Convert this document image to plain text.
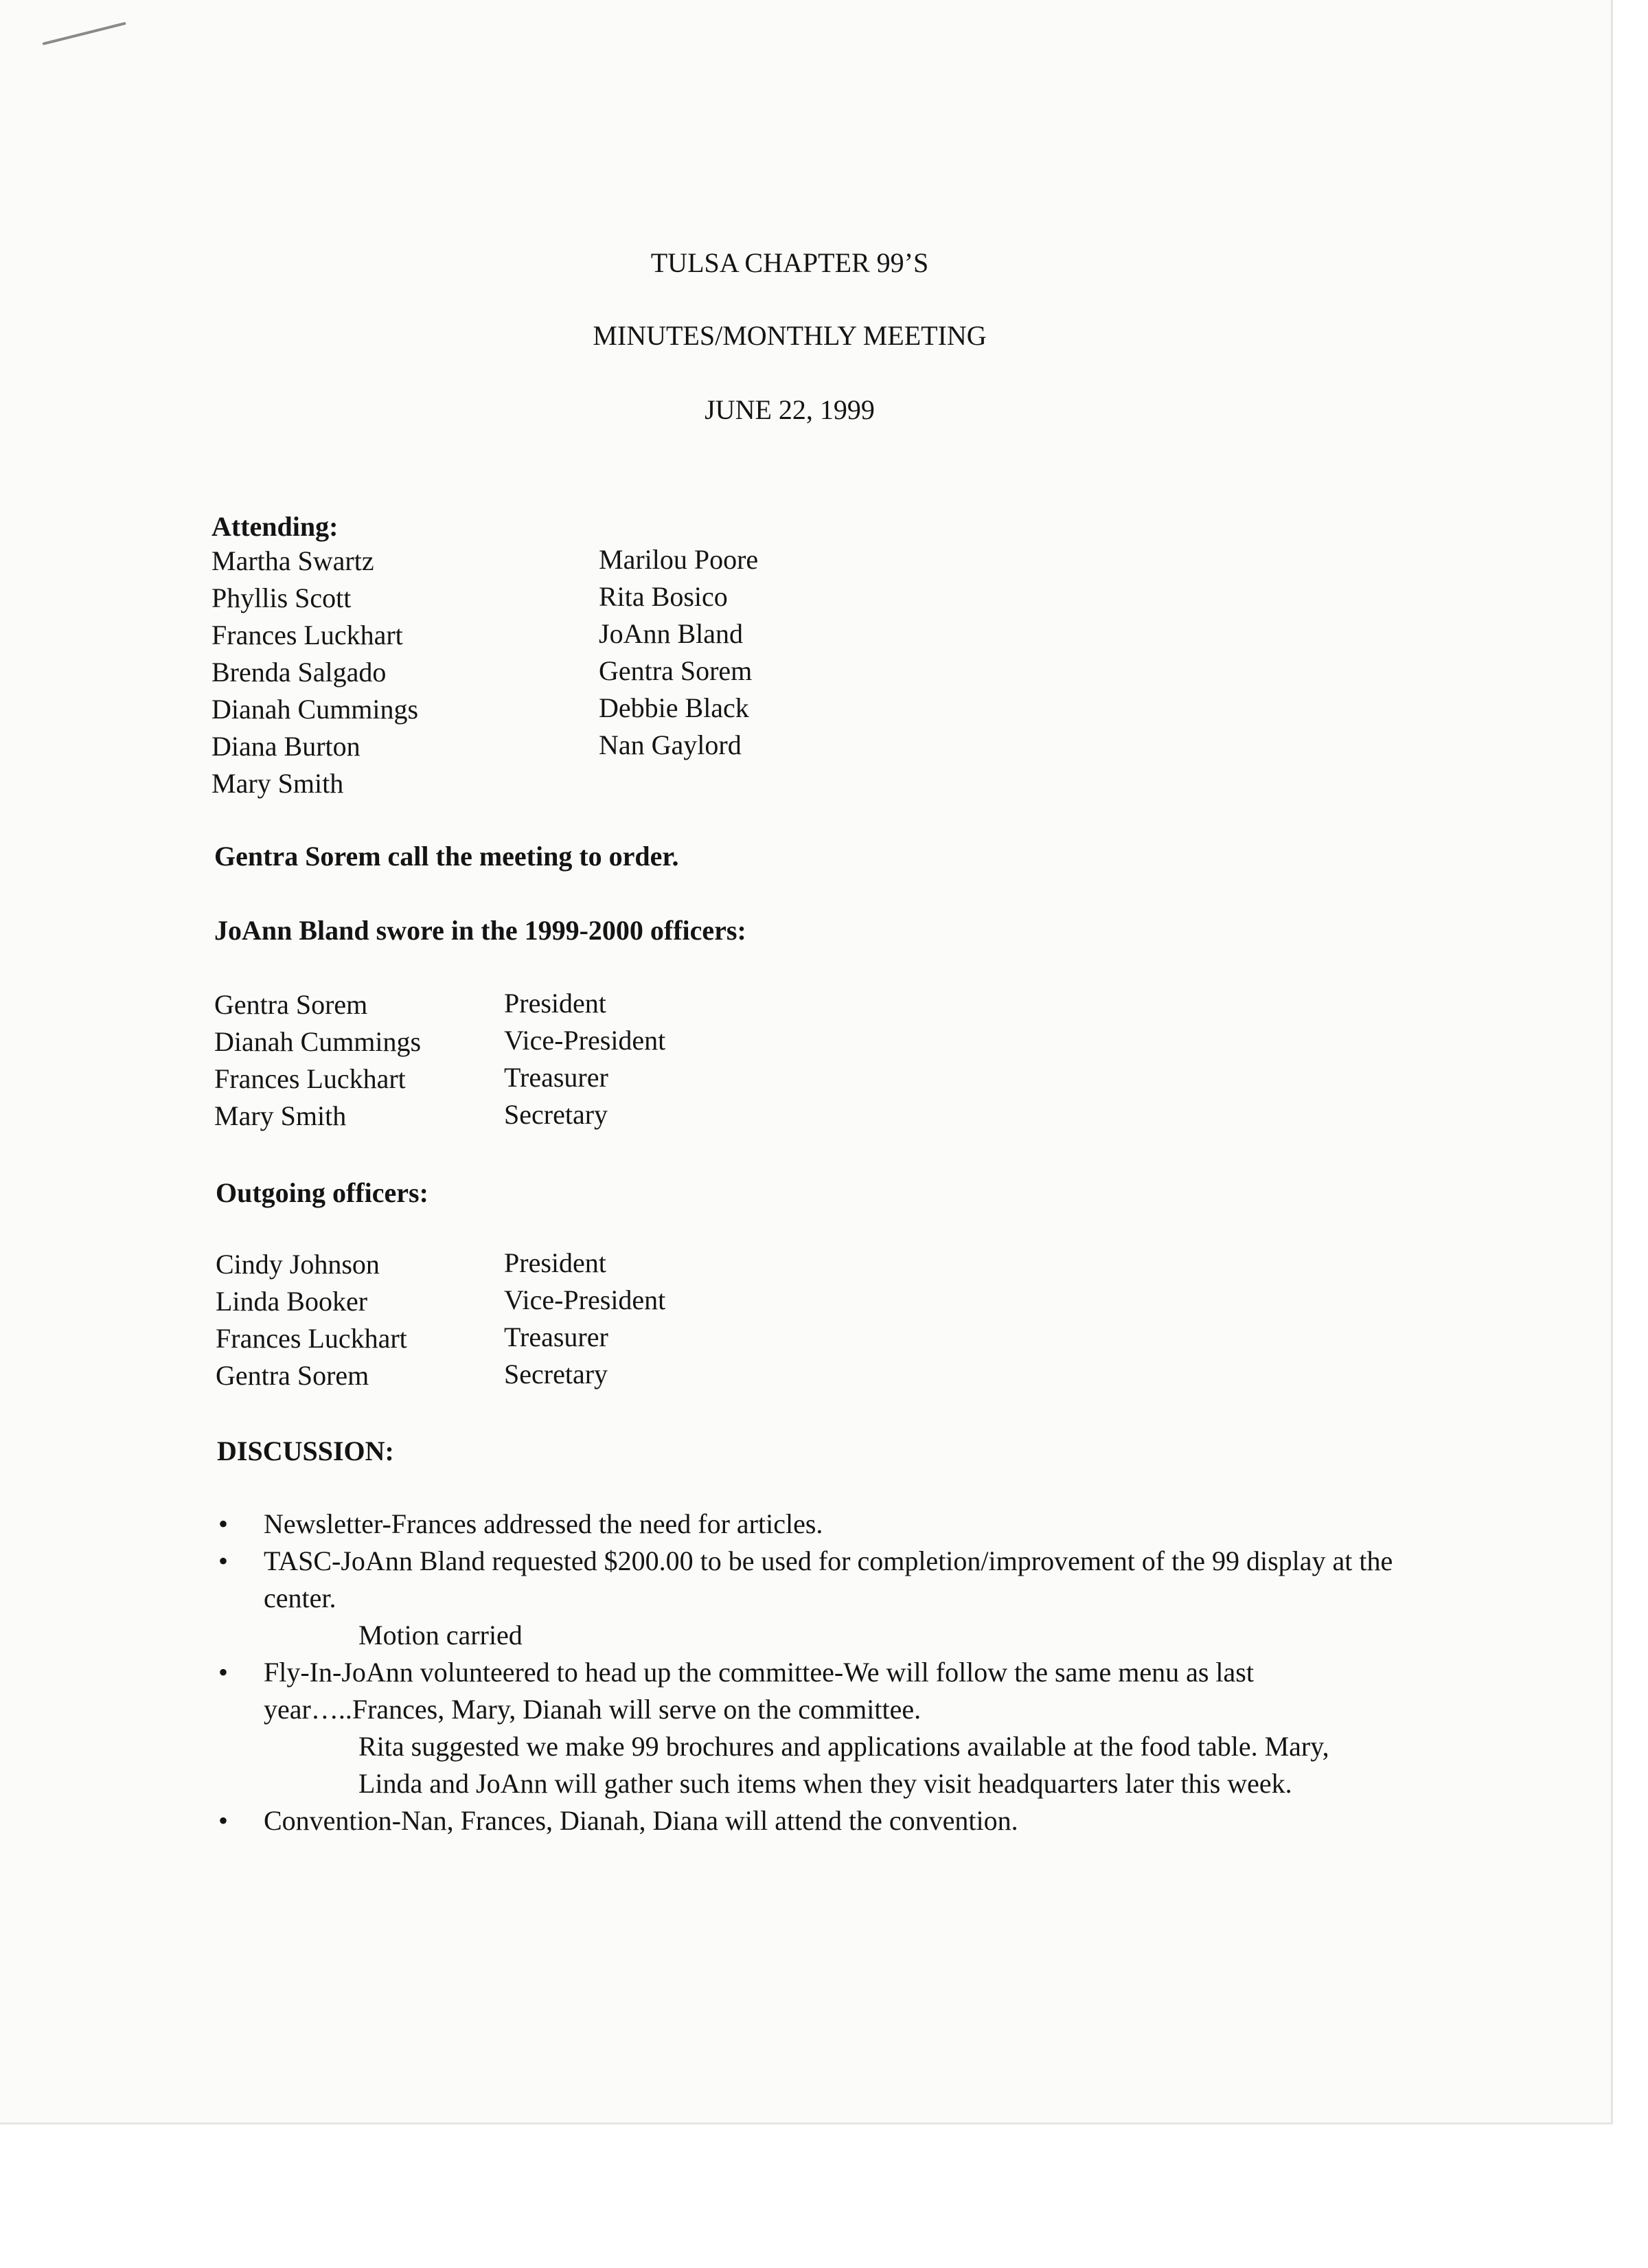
TULSA CHAPTER 99’S

MINUTES/MONTHLY MEETING

JUNE 22, 1999

Attending:

Martha Swartz
Phyllis Scott
Frances Luckhart
Brenda Salgado
Dianah Cummings
Diana Burton
Mary Smith
Marilou Poore
Rita Bosico
JoAnn Bland
Gentra Sorem
Debbie Black
Nan Gaylord

Gentra Sorem call the meeting to order.

JoAnn Bland swore in the 1999-2000 officers:

Gentra Sorem
Dianah Cummings
Frances Luckhart
Mary Smith
President
Vice-President
Treasurer
Secretary

Outgoing officers:

Cindy Johnson
Linda Booker
Frances Luckhart
Gentra Sorem
President
Vice-President
Treasurer
Secretary

DISCUSSION:

• Newsletter-Frances addressed the need for articles.
• TASC-JoAnn Bland requested $200.00 to be used for completion/improvement of the 99 display at the center.
Motion carried
• Fly-In-JoAnn volunteered to head up the committee-We will follow the same menu as last year…..Frances, Mary, Dianah will serve on the committee.
Rita suggested we make 99 brochures and applications available at the food table. Mary, Linda and JoAnn will gather such items when they visit headquarters later this week.
• Convention-Nan, Frances, Dianah, Diana will attend the convention.
